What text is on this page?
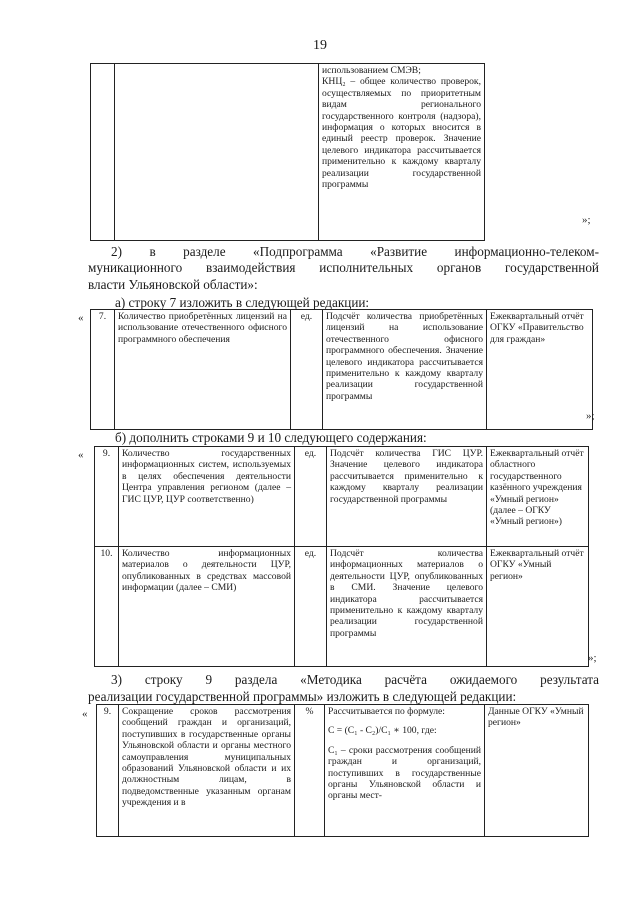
19

использованием СМЭВ;
КНЦ₂ – общее количество проверок, осуществляемых по приоритетным видам регионального государственного контроля (надзора), информация о которых вносится в единый реестр проверок. Значение целевого индикатора рассчитывается применительно к каждому кварталу реализации государственной программы
»;
2) в разделе «Подпрограмма «Развитие информационно-телеком-
муникационного взаимодействия исполнительных органов государственной
власти Ульяновской области»:
а) строку 7 изложить в следующей редакции:
« 7.	Количество приобретённых лицензий на использование отечественного офисного программного обеспечения	ед.	Подсчёт количества приобретённых лицензий на использование отечественного офисного программного обеспечения. Значение целевого индикатора рассчитывается применительно к каждому кварталу реализации государственной программы	Ежеквартальный отчёт ОГКУ «Правительство для граждан»
»;
б) дополнить строками 9 и 10 следующего содержания:
« 9.	Количество государственных информационных систем, используемых в целях обеспечения деятельности Центра управления регионом (далее – ГИС ЦУР, ЦУР соответственно)	ед.	Подсчёт количества ГИС ЦУР. Значение целевого индикатора рассчитывается применительно к каждому кварталу реализации государственной программы	Ежеквартальный отчёт областного государственного казённого учреждения «Умный регион» (далее – ОГКУ «Умный регион»)
10.	Количество информационных материалов о деятельности ЦУР, опубликованных в средствах массовой информации (далее – СМИ)	ед.	Подсчёт количества информационных материалов о деятельности ЦУР, опубликованных в СМИ. Значение целевого индикатора рассчитывается применительно к каждому кварталу реализации государственной программы	Ежеквартальный отчёт ОГКУ «Умный регион»
»;
3) строку 9 раздела «Методика расчёта ожидаемого результата
реализации государственной программы» изложить в следующей редакции:
« 9.	Сокращение сроков рассмотрения сообщений граждан и организаций, поступивших в государственные органы Ульяновской области и органы местного самоуправления муниципальных образований Ульяновской области и их должностным лицам, в подведомственные указанным органам учреждения и в	%	Рассчитывается по формуле:
С = (С₁ - С₂)/С₁ ∗ 100, где:
С₁ – сроки рассмотрения сообщений граждан и организаций, поступивших в государственные органы Ульяновской области и органы мест-
	Данные ОГКУ «Умный регион»
